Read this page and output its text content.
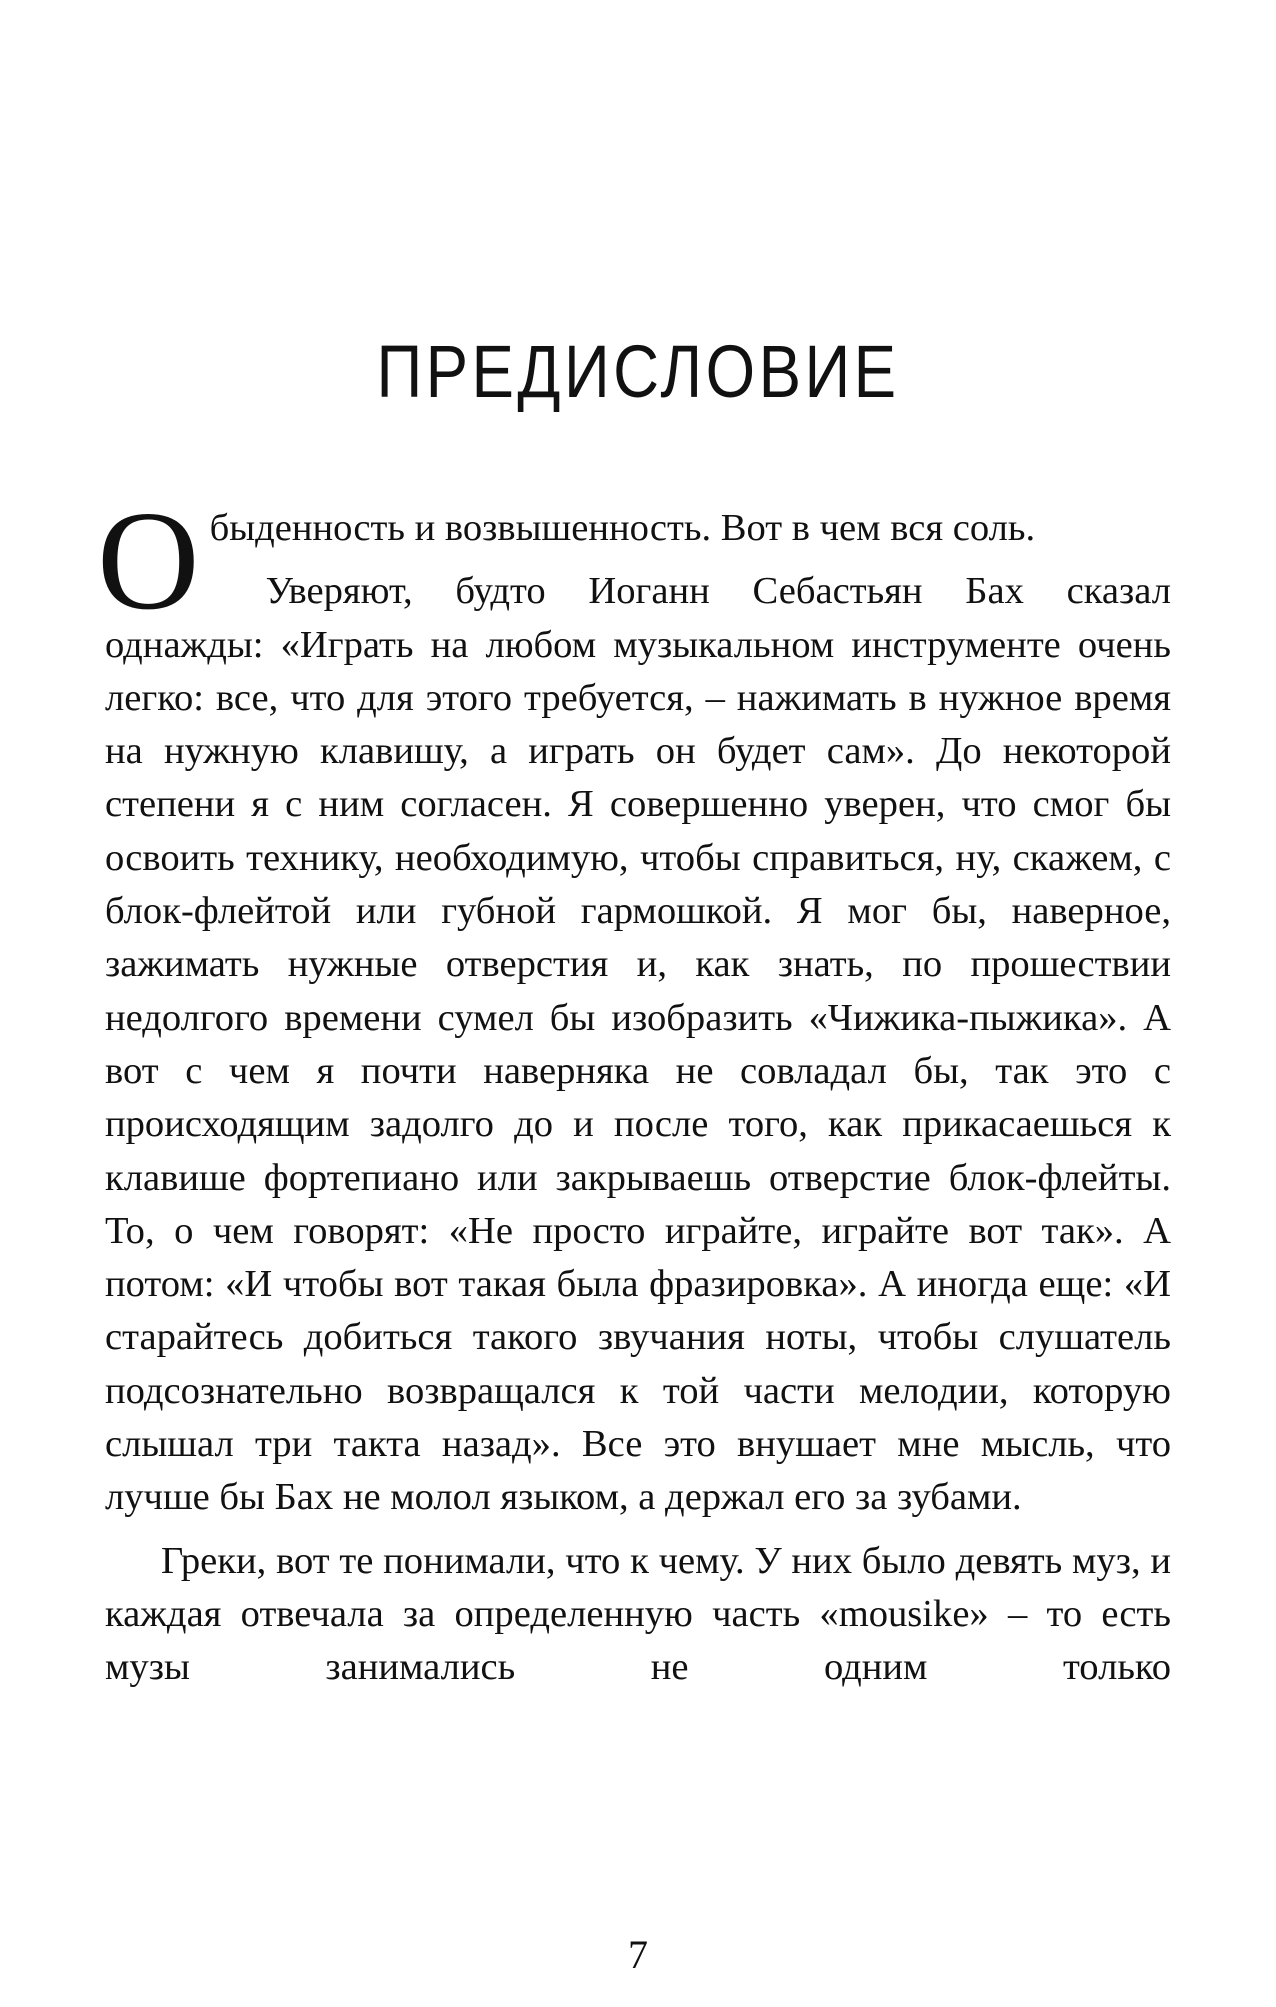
ПРЕДИСЛОВИЕ

Обыденность и возвышенность. Вот в чем вся соль.

Уверяют, будто Иоганн Себастьян Бах сказал однажды: «Играть на любом музыкальном инструменте очень легко: все, что для этого требуется, – нажимать в нужное время на нужную клавишу, а играть он будет сам». До некоторой степени я с ним согласен. Я совершенно уверен, что смог бы освоить технику, необходимую, чтобы справиться, ну, скажем, с блок-флейтой или губной гармошкой. Я мог бы, наверное, зажимать нужные отверстия и, как знать, по прошествии недолгого времени сумел бы изобразить «Чижика-пыжика». А вот с чем я почти наверняка не совладал бы, так это с происходящим задолго до и после того, как прикасаешься к клавише фортепиано или закрываешь отверстие блок-флейты. То, о чем говорят: «Не просто играйте, играйте вот так». А потом: «И чтобы вот такая была фразировка». А иногда еще: «И старайтесь добиться такого звучания ноты, чтобы слушатель подсознательно возвращался к той части мелодии, которую слышал три такта назад». Все это внушает мне мысль, что лучше бы Бах не молол языком, а держал его за зубами.

Греки, вот те понимали, что к чему. У них было девять муз, и каждая отвечала за определенную часть «mousike» – то есть музы занимались не одним только

7
